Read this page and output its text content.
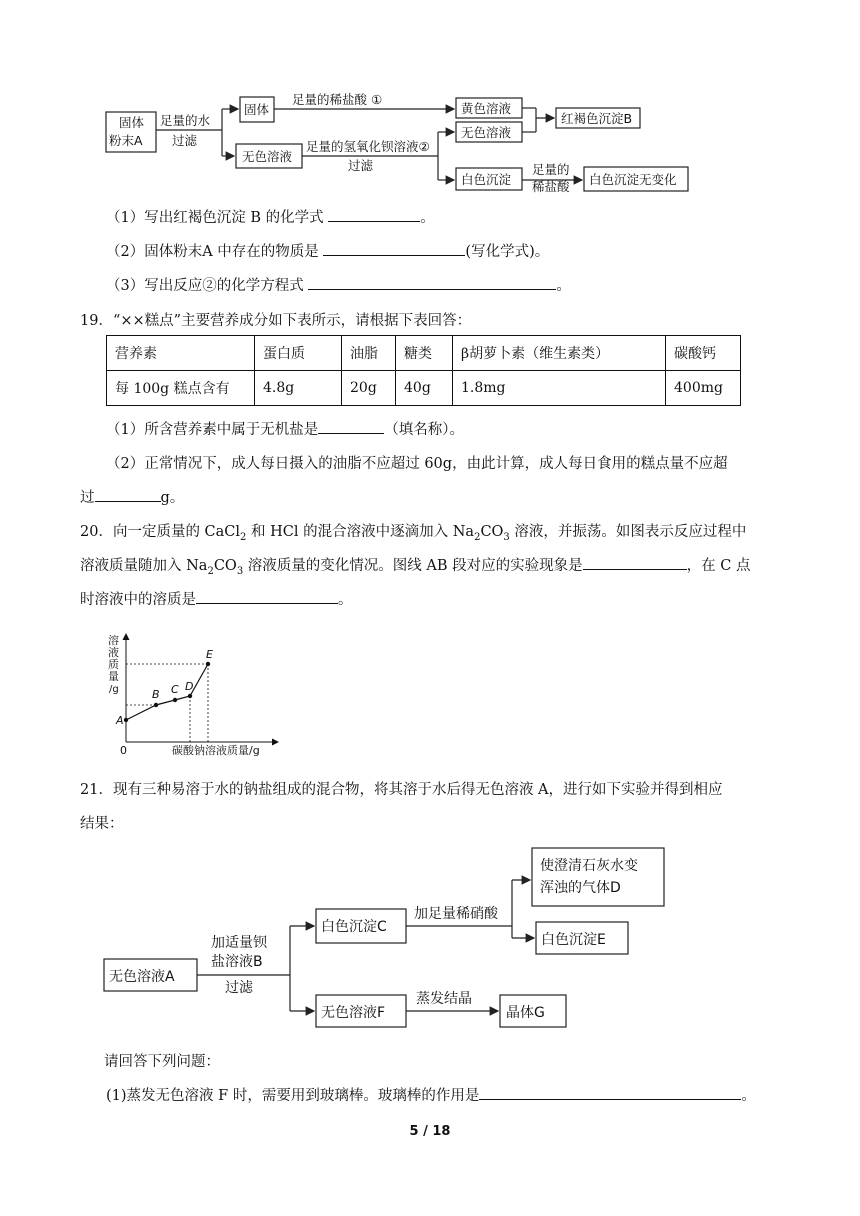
固体
粉末A
足量的水
过滤
固体
无色溶液
足量的稀盐酸 ①
黄色溶液
无色溶液
红褐色沉淀B
足量的氢氧化钡溶液②
过滤
白色沉淀
足量的
稀盐酸 白色沉淀无变化
（1）写出红褐色沉淀 B 的化学式	。
（2）固体粉末A 中存在的物质是	(写化学式)。
（3）写出反应②的化学方程式	。
19．“××糕点”主要营养成分如下表所示，请根据下表回答：
营养素	蛋白质	油脂	糖类	β胡萝卜素（维生素类）	碳酸钙
每 100g 糕点含有	4.8g	20g	40g	1.8mg	400mg
（1）所含营养素中属于无机盐是	（填名称）。
（2）正常情况下，成人每日摄入的油脂不应超过 60g，由此计算，成人每日食用的糕点量不应超
过	g。
20．向一定质量的 CaCl$_2$ 和 HCl 的混合溶液中逐滴加入 $Na_2CO_3$ 溶液，并振荡。如图表示反应过程中
溶液质量随加入 $Na_2CO_3$ 溶液质量的变化情况。图线 AB 段对应的实验现象是	，在 C 点
时溶液中的溶质是	。
A
B C D
E
溶
液
质
量
/g
0	碳酸钠溶液质量/g
21．现有三种易溶于水的钠盐组成的混合物，将其溶于水后得无色溶液 A，进行如下实验并得到相应
结果：
无色溶液A
加适量钡
盐溶液B
过滤
白色沉淀C
加足量稀硝酸
使澄清石灰水变
浑浊的气体D
白色沉淀E
无色溶液F
蒸发结晶
晶体G
请回答下列问题：
(1)蒸发无色溶液 F 时，需要用到玻璃棒。玻璃棒的作用是	。
5 / 18
